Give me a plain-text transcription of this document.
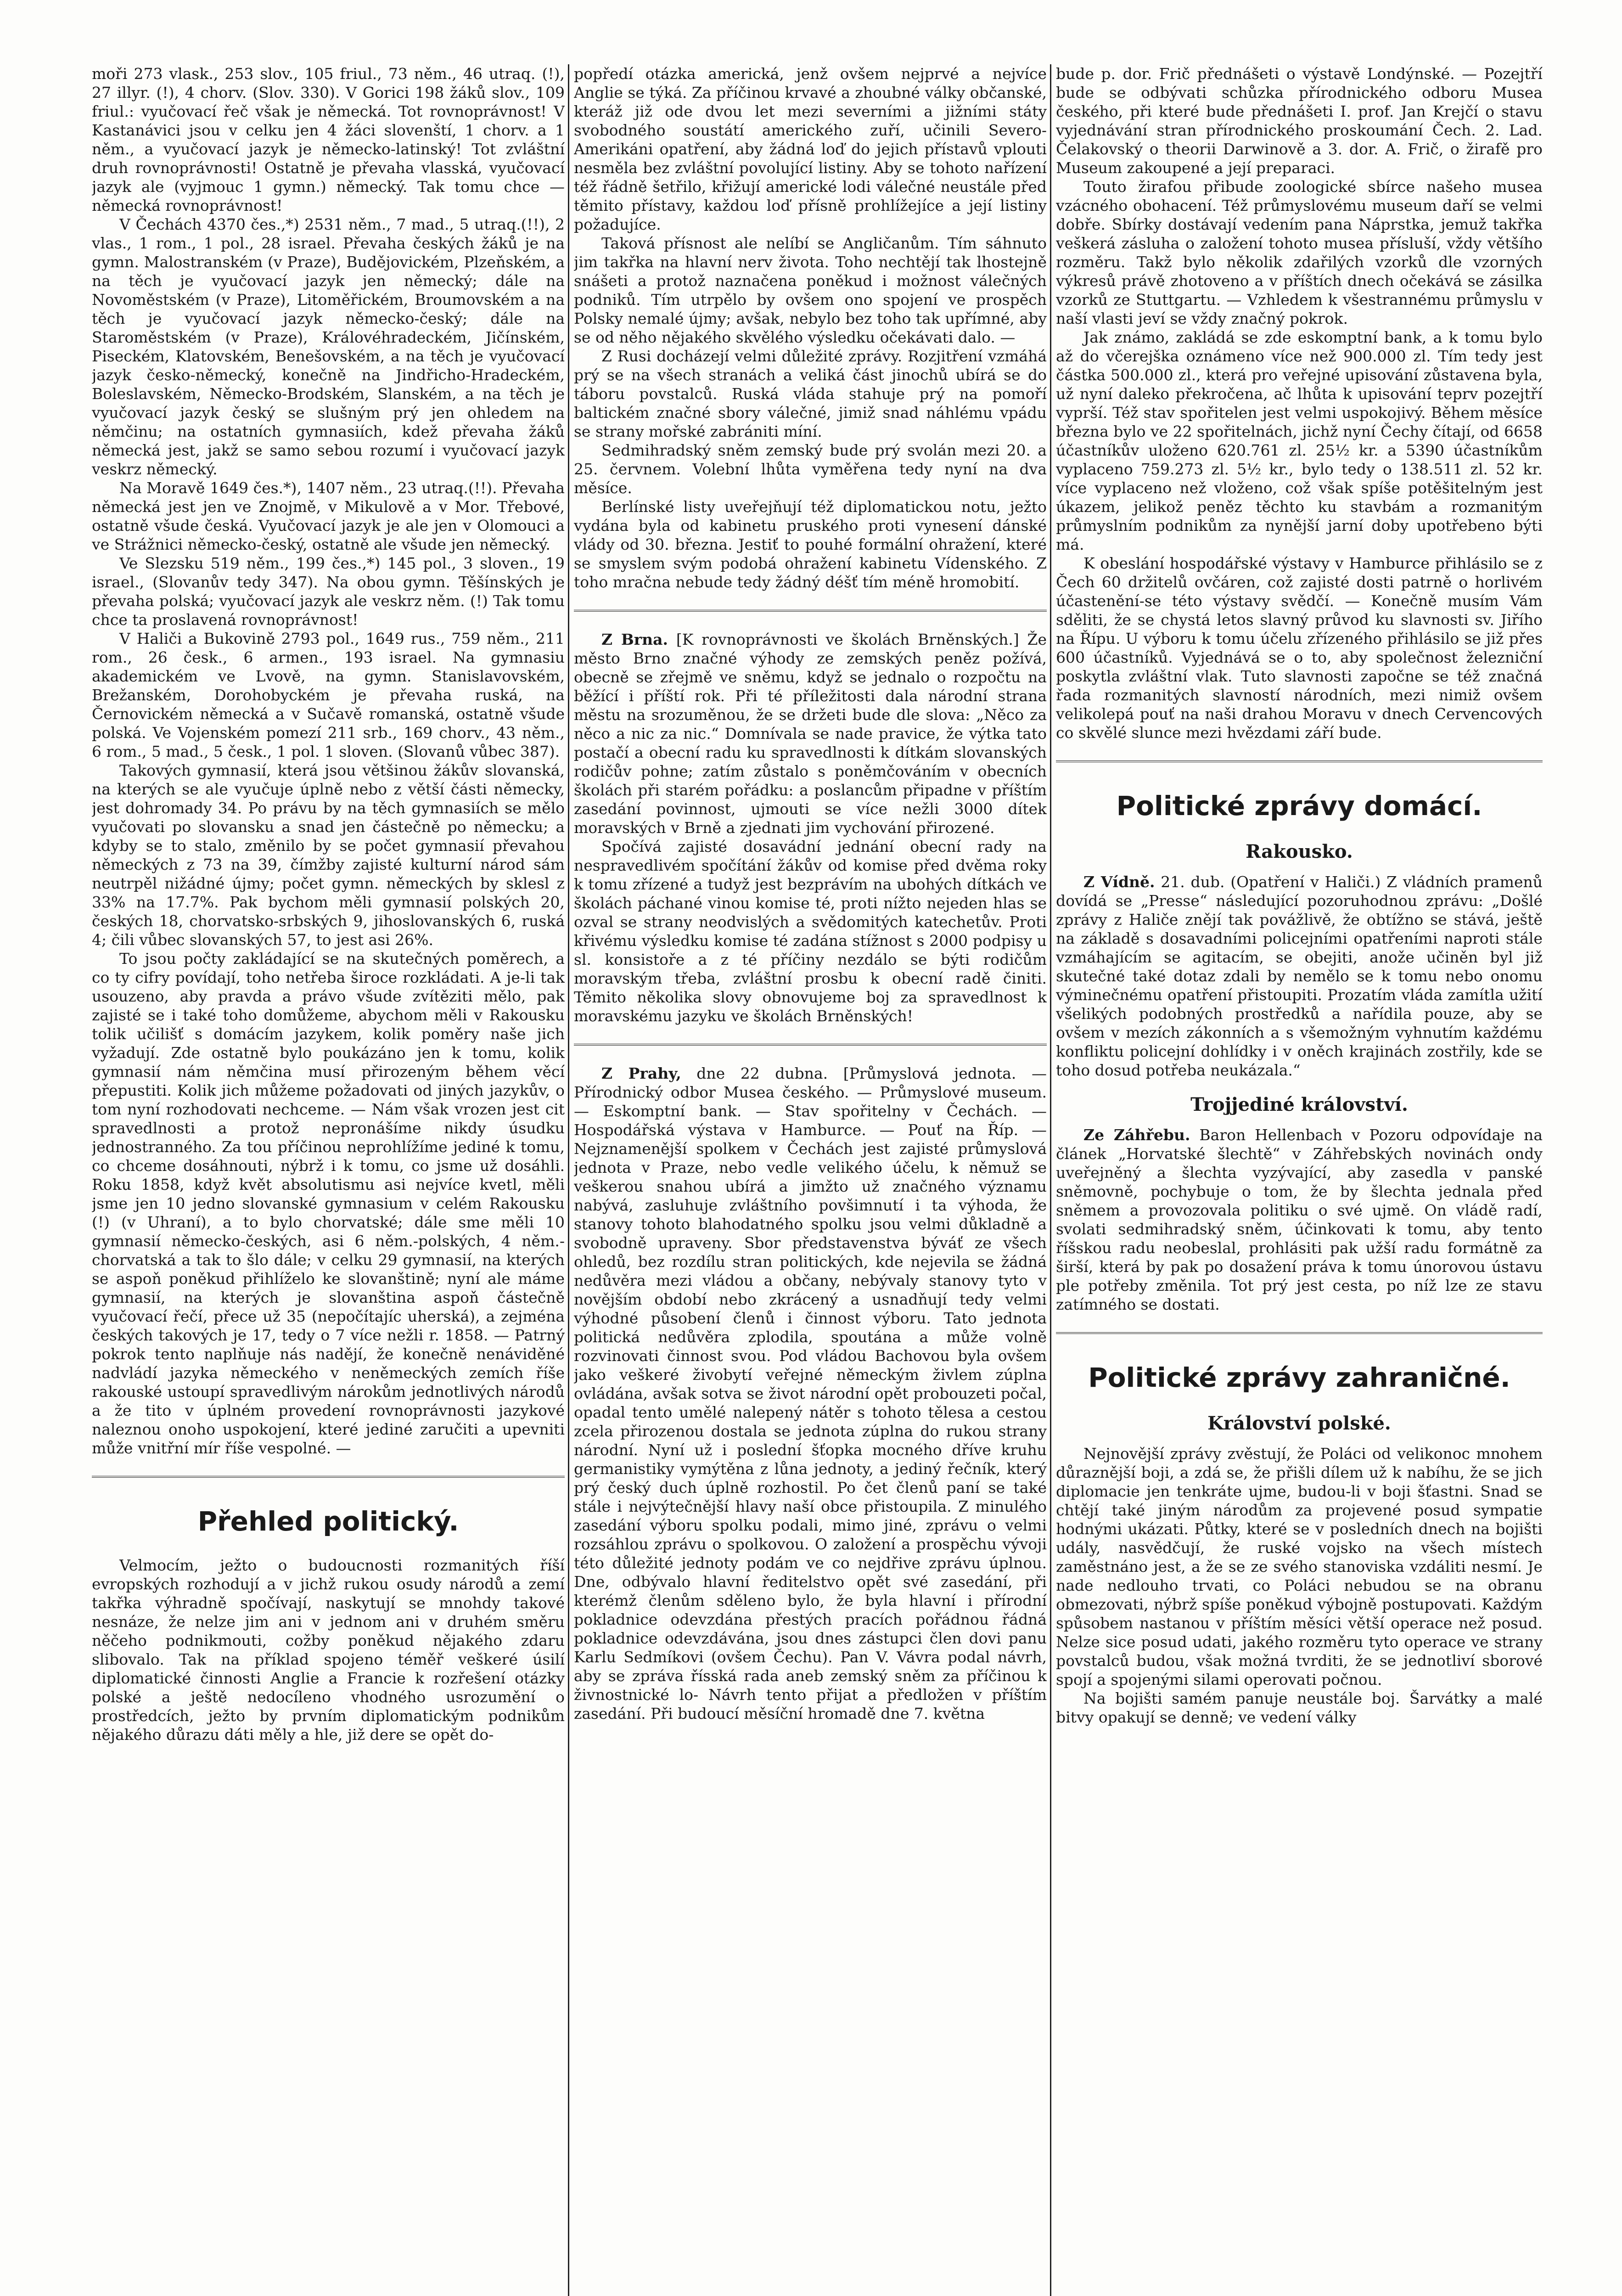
moři 273 vlask., 253 slov., 105 friul., 73 něm., 46 utraq. (!), 27 illyr. (!), 4 chorv. (Slov. 330). V Gorici 198 žáků slov., 109 friul.: vyučovací řeč však je německá. Tot rovnoprávnost! V Kastanávici jsou v celku jen 4 žáci slovenští, 1 chorv. a 1 něm., a vyučovací jazyk je německo-latinský! Tot zvláštní druh rovnoprávnosti! Ostatně je převaha vlasská, vyučovací jazyk ale (vyjmouc 1 gymn.) německý. Tak tomu chce — německá rovnoprávnost!

V Čechách 4370 čes.,*) 2531 něm., 7 mad., 5 utraq.(!!), 2 vlas., 1 rom., 1 pol., 28 israel. Převaha českých žáků je na gymn. Malostranském (v Praze), Budějovickém, Plzeňském, a na těch je vyučovací jazyk jen německý; dále na Novoměstském (v Praze), Litoměřickém, Broumovském a na těch je vyučovací jazyk německo-český; dále na Staroměstském (v Praze), Královéhradeckém, Jičínském, Piseckém, Klatovském, Benešovském, a na těch je vyučovací jazyk česko-německý, konečně na Jindřicho-Hradeckém, Boleslavském, Německo-Brodském, Slanském, a na těch je vyučovací jazyk český se slušným prý jen ohledem na němčinu; na ostatních gymnasiích, kdež převaha žáků německá jest, jakž se samo sebou rozumí i vyučovací jazyk veskrz německý.

Na Moravě 1649 čes.*), 1407 něm., 23 utraq.(!!). Převaha německá jest jen ve Znojmě, v Mikulově a v Mor. Třebové, ostatně všude česká. Vyučovací jazyk je ale jen v Olomouci a ve Strážnici německo-český, ostatně ale všude jen německý.

Ve Slezsku 519 něm., 199 čes.,*) 145 pol., 3 sloven., 19 israel., (Slovanův tedy 347). Na obou gymn. Těšínských je převaha polská; vyučovací jazyk ale veskrz něm. (!) Tak tomu chce ta proslavená rovnoprávnost!

V Haliči a Bukovině 2793 pol., 1649 rus., 759 něm., 211 rom., 26 česk., 6 armen., 193 israel. Na gymnasiu akademickém ve Lvově, na gymn. Stanislavovském, Brežanském, Dorohobyckém je převaha ruská, na Černovickém německá a v Sučavě romanská, ostatně všude polská. Ve Vojenském pomezí 211 srb., 169 chorv., 43 něm., 6 rom., 5 mad., 5 česk., 1 pol. 1 sloven. (Slovanů vůbec 387).

Takových gymnasií, která jsou většinou žákův slovanská, na kterých se ale vyučuje úplně nebo z větší části německy, jest dohromady 34. Po právu by na těch gymnasiích se mělo vyučovati po slovansku a snad jen částečně po německu; a kdyby se to stalo, změnilo by se počet gymnasií převahou německých z 73 na 39, čímžby zajisté kulturní národ sám neutrpěl nižádné újmy; počet gymn. německých by sklesl z 33% na 17.7%. Pak bychom měli gymnasií polských 20, českých 18, chorvatsko-srbských 9, jihoslovanských 6, ruská 4; čili vůbec slovanských 57, to jest asi 26%.

To jsou počty zakládající se na skutečných poměrech, a co ty cifry povídají, toho netřeba široce rozkládati. A je-li tak usouzeno, aby pravda a právo všude zvítěziti mělo, pak zajisté se i také toho domůžeme, abychom měli v Rakousku tolik učilišť s domácím jazykem, kolik poměry naše jich vyžadují. Zde ostatně bylo poukázáno jen k tomu, kolik gymnasií nám němčina musí přirozeným během věcí přepustiti. Kolik jich můžeme požadovati od jiných jazykův, o tom nyní rozhodovati nechceme. — Nám však vrozen jest cit spravedlnosti a protož nepronášíme nikdy úsudku jednostranného. Za tou příčinou neprohlížíme jediné k tomu, co chceme dosáhnouti, nýbrž i k tomu, co jsme už dosáhli. Roku 1858, když květ absolutismu asi nejvíce kvetl, měli jsme jen 10 jedno slovanské gymnasium v celém Rakousku (!) (v Uhraní), a to bylo chorvatské; dále sme měli 10 gymnasií německo-českých, asi 6 něm.-polských, 4 něm.-chorvatská a tak to šlo dále; v celku 29 gymnasií, na kterých se aspoň poněkud přihlíželo ke slovanštině; nyní ale máme gymnasií, na kterých je slovanština aspoň částečně vyučovací řečí, přece už 35 (nepočítajíc uherská), a zejména českých takových je 17, tedy o 7 více nežli r. 1858. — Patrný pokrok tento naplňuje nás nadějí, že konečně nenáviděné nadvládí jazyka německého v neněmeckých zemích říše rakouské ustoupí spravedlivým nárokům jednotlivých národů a že tito v úplném provedení rovnoprávnosti jazykové naleznou onoho uspokojení, které jediné zaručiti a upevniti může vnitřní mír říše vespolné. —

Přehled politický.

Velmocím, ježto o budoucnosti rozmanitých říší evropských rozhodují a v jichž rukou osudy národů a zemí takřka výhradně spočívají, naskytují se mnohdy takové nesnáze, že nelze jim ani v jednom ani v druhém směru něčeho podnikmouti, cožby poněkud nějakého zdaru slibovalo. Tak na příklad spojeno téměř veškeré úsilí diplomatické činnosti Anglie a Francie k rozřešení otázky polské a ještě nedocíleno vhodného usrozumění o prostředcích, ježto by prvním diplomatickým podnikům nějakého důrazu dáti měly a hle, již dere se opět do-

popředí otázka americká, jenž ovšem nejprvé a nejvíce Anglie se týká. Za příčinou krvavé a zhoubné války občanské, kteráž již ode dvou let mezi severními a jižními státy svobodného soustátí amerického zuří, učinili Severo-Amerikáni opatření, aby žádná loď do jejich přístavů vplouti nesměla bez zvláštní povolující listiny. Aby se tohoto nařízení též řádně šetřilo, křižují americké lodi válečné neustále před těmito přístavy, každou loď přísně prohlížejíce a její listiny požadujíce.

Taková přísnost ale nelíbí se Angličanům. Tím sáhnuto jim takřka na hlavní nerv života. Toho nechtějí tak lhostejně snášeti a protož naznačena poněkud i možnost válečných podniků. Tím utrpělo by ovšem ono spojení ve prospěch Polsky nemalé újmy; avšak, nebylo bez toho tak upřímné, aby se od něho nějakého skvělého výsledku očekávati dalo. —

Z Rusi docházejí velmi důležité zprávy. Rozjitření vzmáhá prý se na všech stranách a veliká část jinochů ubírá se do táboru povstalců. Ruská vláda stahuje prý na pomoří baltickém značné sbory válečné, jimiž snad náhlému vpádu se strany mořské zabrániti míní.

Sedmihradský sněm zemský bude prý svolán mezi 20. a 25. červnem. Volební lhůta vyměřena tedy nyní na dva měsíce.

Berlínské listy uveřejňují též diplomatickou notu, ježto vydána byla od kabinetu pruského proti vynesení dánské vlády od 30. března. Jestiť to pouhé formální ohražení, které se smyslem svým podobá ohražení kabinetu Vídenského. Z toho mračna nebude tedy žádný déšť tím méně hromobití.

Z Brna. [K rovnoprávnosti ve školách Brněnských.] Že město Brno značné výhody ze zemských peněz požívá, obecně se zřejmě ve sněmu, když se jednalo o rozpočtu na běžící i příští rok. Při té příležitosti dala národní strana městu na srozuměnou, že se držeti bude dle slova: „Něco za něco a nic za nic.“ Domnívala se nade pravice, že výtka tato postačí a obecní radu ku spravedlnosti k dítkám slovanských rodičův pohne; zatím zůstalo s poněmčováním v obecních školách při starém pořádku: a poslancům připadne v příštím zasedání povinnost, ujmouti se více nežli 3000 dítek moravských v Brně a zjednati jim vychování přirozené.

Spočívá zajisté dosavádní jednání obecní rady na nespravedlivém spočítání žákův od komise před dvěma roky k tomu zřízené a tudyž jest bezprávím na ubohých dítkách ve školách páchané vinou komise té, proti nížto nejeden hlas se ozval se strany neodvislých a svědomitých katechetův. Proti křivému výsledku komise té zadána stížnost s 2000 podpisy u sl. konsistoře a z té příčiny nezdálo se býti rodičům moravským třeba, zvláštní prosbu k obecní radě činiti. Těmito několika slovy obnovujeme boj za spravedlnost k moravskému jazyku ve školách Brněnských!

Z Prahy, dne 22 dubna. [Průmyslová jednota. — Přírodnický odbor Musea českého. — Průmyslové museum. — Eskomptní bank. — Stav spořitelny v Čechách. — Hospodářská výstava v Hamburce. — Pouť na Říp. — Nejznamenější spolkem v Čechách jest zajisté průmyslová jednota v Praze, nebo vedle velikého účelu, k němuž se veškerou snahou ubírá a jimžto už značného významu nabývá, zasluhuje zvláštního povšimnutí i ta výhoda, že stanovy tohoto blahodatného spolku jsou velmi důkladně a svobodně upraveny. Sbor představenstva býváť ze všech ohledů, bez rozdílu stran politických, kde nejevila se žádná nedůvěra mezi vládou a občany, nebývaly stanovy tyto v novějším období nebo zkrácený a usnadňují tedy velmi výhodné působení členů i činnost výboru. Tato jednota politická nedůvěra zplodila, spoutána a může volně rozvinovati činnost svou. Pod vládou Bachovou byla ovšem jako veškeré živobytí veřejné německým živlem zúplna ovládána, avšak sotva se život národní opět probouzeti počal, opadal tento umělé nalepený nátěr s tohoto tělesa a cestou zcela přirozenou dostala se jednota zúplna do rukou strany národní. Nyní už i poslední šťopka mocného dříve kruhu germanistiky vymýtěna z lůna jednoty, a jediný řečník, který prý český duch úplně rozhostil. Po čet členů paní se také stále i nejvýtečnější hlavy naší obce přistoupila. Z minulého zasedání výboru spolku podali, mimo jiné, zprávu o velmi rozsáhlou zprávu o spolkovou. O založení a prospěchu vývoji této důležité jednoty podám ve co nejdřive zprávu úplnou. Dne, odbývalo hlavní ředitelstvo opět své zasedání, při kterémž členům sděleno bylo, že byla hlavní i přírodní pokladnice odevzdána přestých pracích pořádnou řádná pokladnice odevzdávána, jsou dnes zástupci člen dovi panu Karlu Sedmíkovi (ovšem Čechu). Pan V. Vávra podal návrh, aby se zpráva řísská rada aneb zemský sněm za příčinou k živnostnické lo- Návrh tento přijat a předložen v příštím zasedání. Při budoucí měsíční hromadě dne 7. května

bude p. dor. Frič přednášeti o výstavě Londýnské. — Pozejtří bude se odbývati schůzka přírodnického odboru Musea českého, při které bude přednášeti I. prof. Jan Krejčí o stavu vyjednávání stran přírodnického proskoumání Čech. 2. Lad. Čelakovský o theorii Darwinově a 3. dor. A. Frič, o žirafě pro Museum zakoupené a její preparaci.

Touto žirafou přibude zoologické sbírce našeho musea vzácného obohacení. Též průmyslovému museum daří se velmi dobře. Sbírky dostávají vedením pana Náprstka, jemuž takřka veškerá zásluha o založení tohoto musea přísluší, vždy většího rozměru. Takž bylo několik zdařilých vzorků dle vzorných výkresů právě zhotoveno a v příštích dnech očekává se zásilka vzorků ze Stuttgartu. — Vzhledem k všestrannému průmyslu v naší vlasti jeví se vždy značný pokrok.

Jak známo, zakládá se zde eskomptní bank, a k tomu bylo až do včerejška oznámeno více než 900.000 zl. Tím tedy jest částka 500.000 zl., která pro veřejné upisování zůstavena byla, už nyní daleko překročena, ač lhůta k upisování teprv pozejtří vyprší. Též stav spořitelen jest velmi uspokojivý. Během měsíce března bylo ve 22 spořitelnách, jichž nyní Čechy čítají, od 6658 účastníkův uloženo 620.761 zl. 25½ kr. a 5390 účastníkům vyplaceno 759.273 zl. 5½ kr., bylo tedy o 138.511 zl. 52 kr. více vyplaceno než vloženo, což však spíše potěšitelným jest úkazem, jelikož peněz těchto ku stavbám a rozmanitým průmyslním podnikům za nynější jarní doby upotřebeno býti má.

K obeslání hospodářské výstavy v Hamburce přihlásilo se z Čech 60 držitelů ovčáren, což zajisté dosti patrně o horlivém účastenění-se této výstavy svědčí. — Konečně musím Vám sděliti, že se chystá letos slavný průvod ku slavnosti sv. Jiřího na Řípu. U výboru k tomu účelu zřízeného přihlásilo se již přes 600 účastníků. Vyjednává se o to, aby společnost železniční poskytla zvláštní vlak. Tuto slavnosti započne se též značná řada rozmanitých slavností národních, mezi nimiž ovšem velikolepá pouť na naši drahou Moravu v dnech Cervencových co skvělé slunce mezi hvězdami září bude.

Politické zprávy domácí.
Rakousko.

Z Vídně. 21. dub. (Opatření v Haliči.) Z vládních pramenů dovídá se „Presse“ následující pozoruhodnou zprávu: „Došlé zprávy z Haliče znějí tak povážlivě, že obtížno se stává, ještě na základě s dosavadními policejními opatřeními naproti stále vzmáhajícím se agitacím, se obejiti, anože učiněn byl již skutečné také dotaz zdali by nemělo se k tomu nebo onomu výminečnému opatření přistoupiti. Prozatím vláda zamítla užití všelikých podobných prostředků a nařídila pouze, aby se ovšem v mezích zákonních a s všemožným vyhnutím každému konfliktu policejní dohlídky i v oněch krajinách zostřily, kde se toho dosud potřeba neukázala.“

Trojjediné království.

Ze Záhřebu. Baron Hellenbach v Pozoru odpovídaje na článek „Horvatské šlechtě“ v Záhřebských novinách ondy uveřejněný a šlechta vyzývající, aby zasedla v panské sněmovně, pochybuje o tom, že by šlechta jednala před sněmem a provozovala politiku o své ujmě. On vládě radí, svolati sedmihradský sněm, účinkovati k tomu, aby tento říšskou radu neobeslal, prohlásiti pak užší radu formátně za širší, která by pak po dosažení práva k tomu únorovou ústavu ple potřeby změnila. Tot prý jest cesta, po níž lze ze stavu zatímného se dostati.

Politické zprávy zahraničné.
Království polské.

Nejnovější zprávy zvěstují, že Poláci od velikonoc mnohem důraznější boji, a zdá se, že přišli dílem už k nabíhu, že se jich diplomacie jen tenkráte ujme, budou-li v boji šťastni. Snad se chtějí také jiným národům za projevené posud sympatie hodnými ukázati. Půtky, které se v posledních dnech na bojišti udály, nasvědčují, že ruské vojsko na všech místech zaměstnáno jest, a že se ze svého stanoviska vzdáliti nesmí. Je nade nedlouho trvati, co Poláci nebudou se na obranu obmezovati, nýbrž spíše poněkud výbojně postupovati. Každým spůsobem nastanou v příštím měsíci větší operace než posud. Nelze sice posud udati, jakého rozměru tyto operace ve strany povstalců budou, však možná tvrditi, že se jednotliví sborové spojí a spojenými silami operovati počnou.

Na bojišti samém panuje neustále boj. Šarvátky a malé bitvy opakují se denně; ve vedení války
